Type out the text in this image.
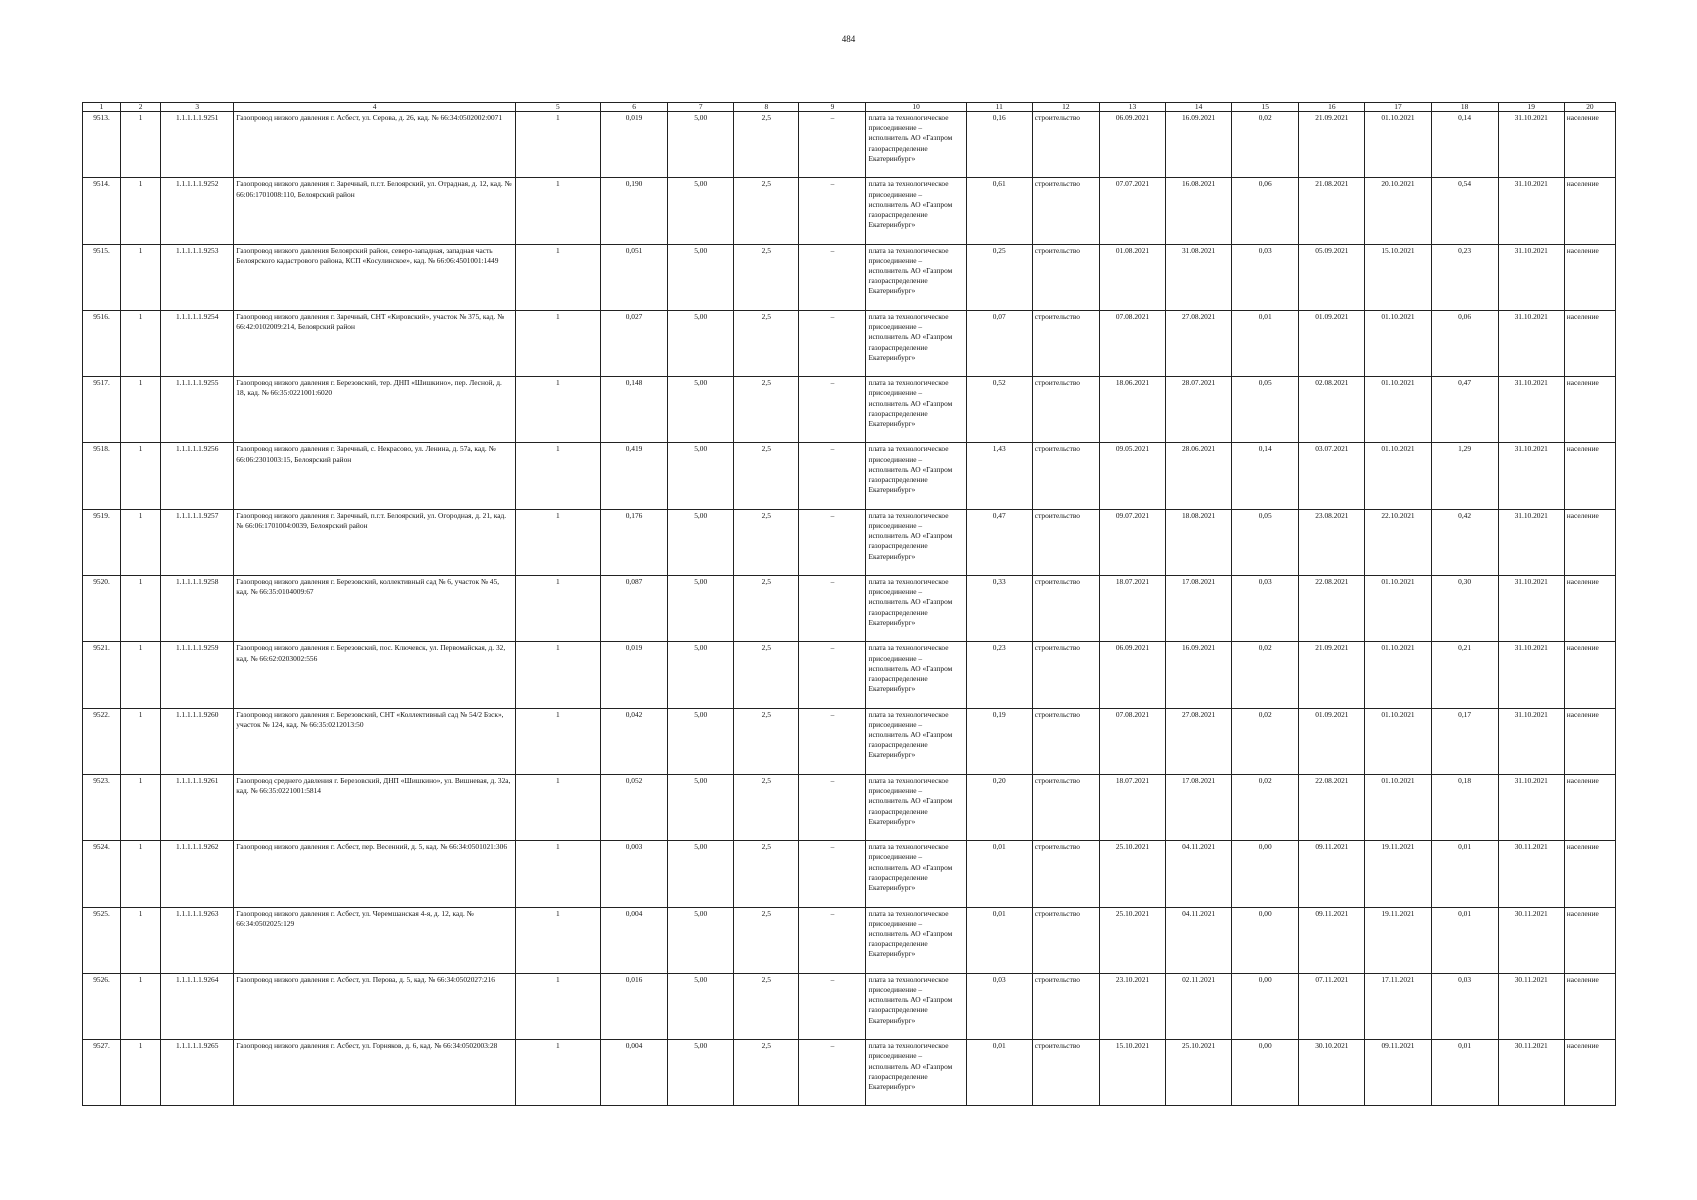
484
1	2	3	4	5	6	7	8	9	10	11	12	13	14	15	16	17	18	19	20
9513.	1	1.1.1.1.1.9251	Газопровод низкого давления г. Асбест, ул. Серова, д. 26, кад. № 66:34:0502002:0071	1	0,019	5,00	2,5	–	плата за технологическое присоединение – исполнитель АО «Газпром газораспределение Екатеринбург»	0,16	строительство	06.09.2021	16.09.2021	0,02	21.09.2021	01.10.2021	0,14	31.10.2021	население
9514.	1	1.1.1.1.1.9252	Газопровод низкого давления г. Заречный, п.г.т. Белоярский, ул. Отрадная, д. 12, кад. № 66:06:1701008:110, Белоярский район	1	0,190	5,00	2,5	–	плата за технологическое присоединение – исполнитель АО «Газпром газораспределение Екатеринбург»	0,61	строительство	07.07.2021	16.08.2021	0,06	21.08.2021	20.10.2021	0,54	31.10.2021	население
9515.	1	1.1.1.1.1.9253	Газопровод низкого давления Белоярский район, северо-западная, западная часть Белоярского кадастрового района, КСП «Косулинское», кад. № 66:06:4501001:1449	1	0,051	5,00	2,5	–	плата за технологическое присоединение – исполнитель АО «Газпром газораспределение Екатеринбург»	0,25	строительство	01.08.2021	31.08.2021	0,03	05.09.2021	15.10.2021	0,23	31.10.2021	население
9516.	1	1.1.1.1.1.9254	Газопровод низкого давления г. Заречный, СНТ «Кировский», участок № 375, кад. № 66:42:0102009:214, Белоярский район	1	0,027	5,00	2,5	–	плата за технологическое присоединение – исполнитель АО «Газпром газораспределение Екатеринбург»	0,07	строительство	07.08.2021	27.08.2021	0,01	01.09.2021	01.10.2021	0,06	31.10.2021	население
9517.	1	1.1.1.1.1.9255	Газопровод низкого давления г. Березовский, тер. ДНП «Шишкино», пер. Лесной, д. 18, кад. № 66:35:0221001:6020	1	0,148	5,00	2,5	–	плата за технологическое присоединение – исполнитель АО «Газпром газораспределение Екатеринбург»	0,52	строительство	18.06.2021	28.07.2021	0,05	02.08.2021	01.10.2021	0,47	31.10.2021	население
9518.	1	1.1.1.1.1.9256	Газопровод низкого давления г. Заречный, с. Некрасово, ул. Ленина, д. 57а, кад. № 66:06:2301003:15, Белоярский район	1	0,419	5,00	2,5	–	плата за технологическое присоединение – исполнитель АО «Газпром газораспределение Екатеринбург»	1,43	строительство	09.05.2021	28.06.2021	0,14	03.07.2021	01.10.2021	1,29	31.10.2021	население
9519.	1	1.1.1.1.1.9257	Газопровод низкого давления г. Заречный, п.г.т. Белоярский, ул. Огородная, д. 21, кад. № 66:06:1701004:0039, Белоярский район	1	0,176	5,00	2,5	–	плата за технологическое присоединение – исполнитель АО «Газпром газораспределение Екатеринбург»	0,47	строительство	09.07.2021	18.08.2021	0,05	23.08.2021	22.10.2021	0,42	31.10.2021	население
9520.	1	1.1.1.1.1.9258	Газопровод низкого давления г. Березовский, коллективный сад № 6, участок № 45, кад. № 66:35:0104009:67	1	0,087	5,00	2,5	–	плата за технологическое присоединение – исполнитель АО «Газпром газораспределение Екатеринбург»	0,33	строительство	18.07.2021	17.08.2021	0,03	22.08.2021	01.10.2021	0,30	31.10.2021	население
9521.	1	1.1.1.1.1.9259	Газопровод низкого давления г. Березовский, пос. Ключевск, ул. Первомайская, д. 32, кад. № 66:62:0203002:556	1	0,019	5,00	2,5	–	плата за технологическое присоединение – исполнитель АО «Газпром газораспределение Екатеринбург»	0,23	строительство	06.09.2021	16.09.2021	0,02	21.09.2021	01.10.2021	0,21	31.10.2021	население
9522.	1	1.1.1.1.1.9260	Газопровод низкого давления г. Березовский, СНТ «Коллективный сад № 54/2 Бзск», участок № 124, кад. № 66:35:0212013:50	1	0,042	5,00	2,5	–	плата за технологическое присоединение – исполнитель АО «Газпром газораспределение Екатеринбург»	0,19	строительство	07.08.2021	27.08.2021	0,02	01.09.2021	01.10.2021	0,17	31.10.2021	население
9523.	1	1.1.1.1.1.9261	Газопровод среднего давления г. Березовский, ДНП «Шишкино», ул. Вишневая, д. 32а, кад. № 66:35:0221001:5814	1	0,052	5,00	2,5	–	плата за технологическое присоединение – исполнитель АО «Газпром газораспределение Екатеринбург»	0,20	строительство	18.07.2021	17.08.2021	0,02	22.08.2021	01.10.2021	0,18	31.10.2021	население
9524.	1	1.1.1.1.1.9262	Газопровод низкого давления г. Асбест, пер. Весенний, д. 5, кад. № 66:34:0501021:306	1	0,003	5,00	2,5	–	плата за технологическое присоединение – исполнитель АО «Газпром газораспределение Екатеринбург»	0,01	строительство	25.10.2021	04.11.2021	0,00	09.11.2021	19.11.2021	0,01	30.11.2021	население
9525.	1	1.1.1.1.1.9263	Газопровод низкого давления г. Асбест, ул. Черемшанская 4-я, д. 12, кад. № 66:34:0502025:129	1	0,004	5,00	2,5	–	плата за технологическое присоединение – исполнитель АО «Газпром газораспределение Екатеринбург»	0,01	строительство	25.10.2021	04.11.2021	0,00	09.11.2021	19.11.2021	0,01	30.11.2021	население
9526.	1	1.1.1.1.1.9264	Газопровод низкого давления г. Асбест, ул. Перова, д. 5, кад. № 66:34:0502027:216	1	0,016	5,00	2,5	–	плата за технологическое присоединение – исполнитель АО «Газпром газораспределение Екатеринбург»	0,03	строительство	23.10.2021	02.11.2021	0,00	07.11.2021	17.11.2021	0,03	30.11.2021	население
9527.	1	1.1.1.1.1.9265	Газопровод низкого давления г. Асбест, ул. Горняков, д. 6, кад. № 66:34:0502003:28	1	0,004	5,00	2,5	–	плата за технологическое присоединение – исполнитель АО «Газпром газораспределение Екатеринбург»	0,01	строительство	15.10.2021	25.10.2021	0,00	30.10.2021	09.11.2021	0,01	30.11.2021	население
